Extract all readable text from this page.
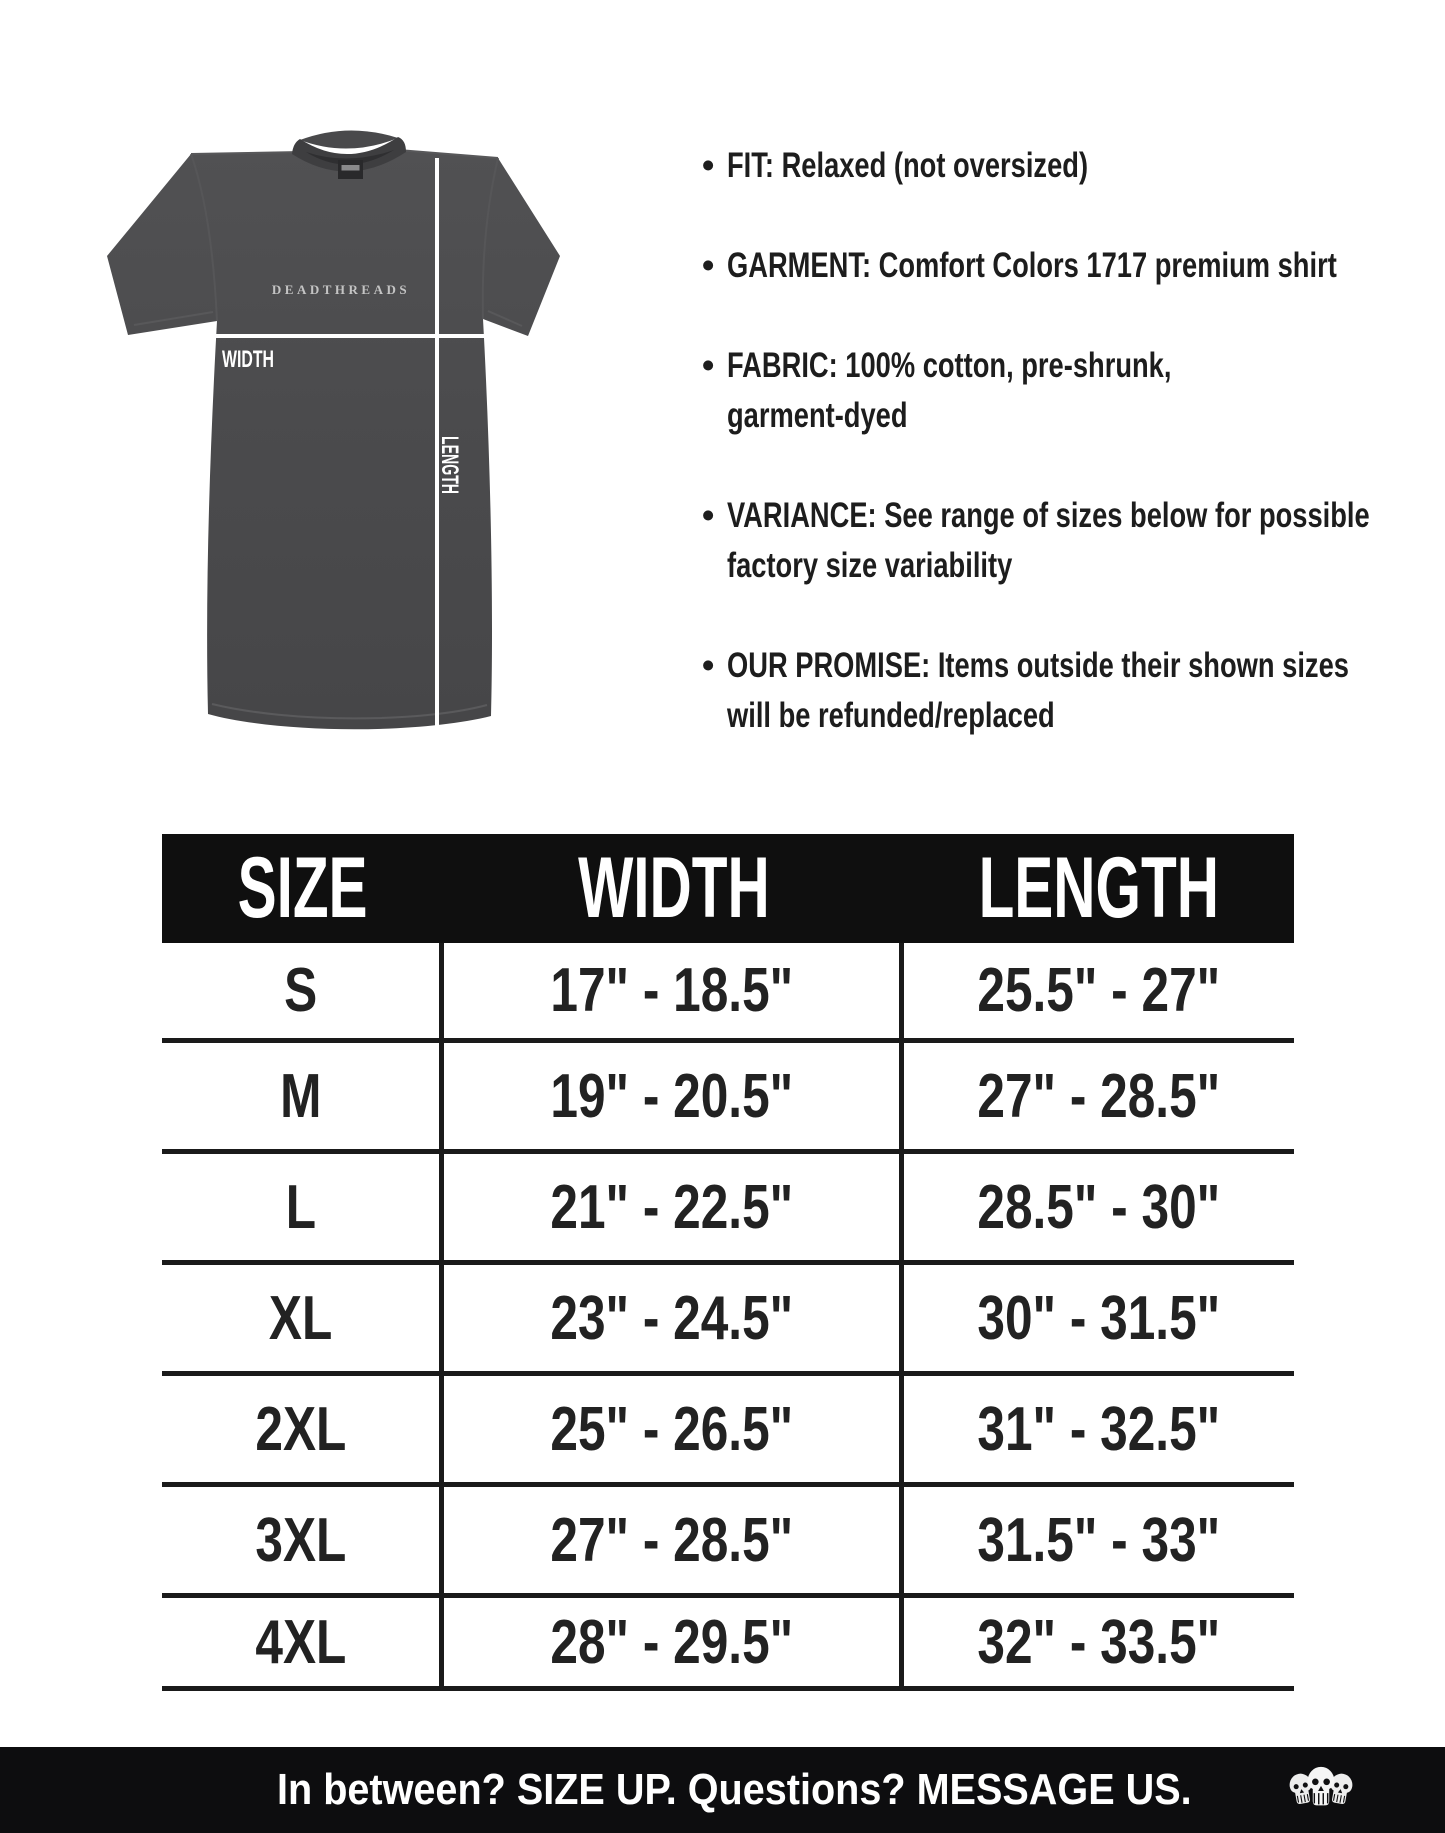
DEADTHREADS
WIDTH
LENGTH
• FIT: Relaxed (not oversized)
• GARMENT: Comfort Colors 1717 premium shirt
• FABRIC: 100% cotton, pre-shrunk,
garment-dyed
• VARIANCE: See range of sizes below for possible
factory size variability
• OUR PROMISE: Items outside their shown sizes
will be refunded/replaced
SIZE WIDTH LENGTH
S	17" - 18.5"	25.5" - 27"
M	19" - 20.5"	27" - 28.5"
L	21" - 22.5"	28.5" - 30"
XL	23" - 24.5"	30" - 31.5"
2XL	25" - 26.5"	31" - 32.5"
3XL	27" - 28.5"	31.5" - 33"
4XL	28" - 29.5"	32" - 33.5"
In between? SIZE UP. Questions? MESSAGE US.
